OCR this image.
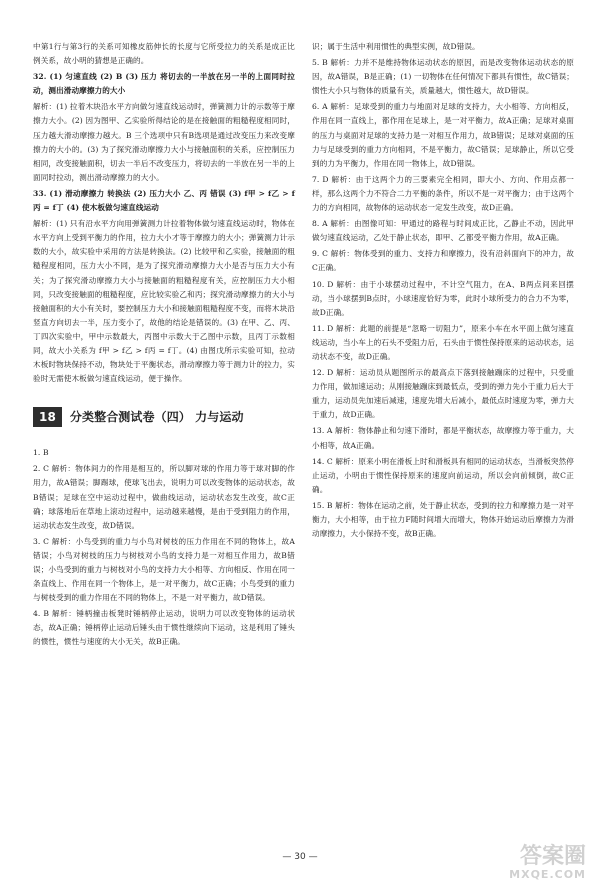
中第1行与第3行的关系可知橡皮筋伸长的长度与它所受拉力的关系是成正比例关系，故小明的猜想是正确的。

32. (1) 匀速直线 (2) B (3) 压力 将切去的一半放在另一半的上面同时拉动，测出滑动摩擦力的大小

解析：(1) 拉着木块沿水平方向做匀速直线运动时，弹簧测力计的示数等于摩擦力大小。(2) 因为图甲、乙实验所得结论的是在接触面的粗糙程度相同时，压力越大滑动摩擦力越大。B 三个选项中只有B选项是通过改变压力来改变摩擦力的大小的。(3) 为了探究滑动摩擦力大小与接触面积的关系，应控制压力相同，改变接触面积，切去一半后不改变压力，将切去的一半放在另一半的上面同时拉动，测出滑动摩擦力的大小。

33. (1) 滑动摩擦力 转换法 (2) 压力大小 乙、丙 错误 (3) f甲 > f乙 > f丙 = f丁 (4) 使木板做匀速直线运动

解析：(1) 只有沿水平方向用弹簧测力计拉着物体做匀速直线运动时，物体在水平方向上受到平衡力的作用，拉力大小才等于摩擦力的大小；弹簧测力计示数的大小，故实验中采用的方法是转换法。(2) 比较甲和乙实验，接触面的粗糙程度相同，压力大小不同，是为了探究滑动摩擦力大小是否与压力大小有关；为了探究滑动摩擦力大小与接触面的粗糙程度有关，应控制压力大小相同，只改变接触面的粗糙程度，应比较实验乙和丙；探究滑动摩擦力的大小与接触面积的大小有关时，要控制压力大小和接触面粗糙程度不变，而将木块沿竖直方向切去一半，压力变小了，故他的结论是错误的。(3) 在甲、乙、丙、丁四次实验中，甲中示数最大，丙图中示数大于乙图中示数，且丙丁示数相同，故大小关系为 f甲 > f乙 > f丙 = f丁。(4) 由图戊所示实验可知，拉动木板时物块保持不动，物块处于平衡状态，滑动摩擦力等于测力计的拉力，实验时无需使木板做匀速直线运动，便于操作。

18	分类整合测试卷（四） 力与运动

1. B

2. C 解析：物体间力的作用是相互的，所以脚对球的作用力等于球对脚的作用力，故A错误；脚踢球，使球飞出去，说明力可以改变物体的运动状态，故B错误；足球在空中运动过程中，做曲线运动，运动状态发生改变，故C正确；球落地后在草地上滚动过程中，运动越来越慢，是由于受到阻力的作用，运动状态发生改变，故D错误。

3. C 解析：小鸟受到的重力与小鸟对树枝的压力作用在不同的物体上，故A错误；小鸟对树枝的压力与树枝对小鸟的支持力是一对相互作用力，故B错误；小鸟受到的重力与树枝对小鸟的支持力大小相等、方向相反、作用在同一条直线上、作用在同一个物体上，是一对平衡力，故C正确；小鸟受到的重力与树枝受到的重力作用在不同的物体上，不是一对平衡力，故D错误。

4. B 解析：锤柄撞击板凳时锤柄停止运动，说明力可以改变物体的运动状态，故A正确；锤柄停止运动后锤头由于惯性继续向下运动，这是利用了锤头的惯性，惯性与速度的大小无关，故B正确。

识；属于生活中利用惯性的典型实例，故D错误。

5. B 解析：力并不是维持物体运动状态的原因，而是改变物体运动状态的原因，故A错误，B是正确；(1) 一切物体在任何情况下都具有惯性，故C错误；惯性大小只与物体的质量有关，质量越大，惯性越大，故D错误。

6. A 解析：足球受到的重力与地面对足球的支持力，大小相等、方向相反，作用在同一直线上，都作用在足球上，是一对平衡力，故A正确；足球对桌面的压力与桌面对足球的支持力是一对相互作用力，故B错误；足球对桌面的压力与足球受到的重力方向相同，不是平衡力，故C错误；足球静止，所以它受到的力为平衡力，作用在同一物体上，故D错误。

7. D 解析：由于这两个力的三要素完全相同，即大小、方向、作用点都一样，那么这两个力不符合二力平衡的条件，所以不是一对平衡力；由于这两个力的方向相同，故物体的运动状态一定发生改变，故D正确。

8. A 解析：由图像可知：甲通过的路程与时间成正比，乙静止不动，因此甲做匀速直线运动，乙处于静止状态，即甲、乙都受平衡力作用，故A正确。

9. C 解析：物体受到的重力、支持力和摩擦力，没有沿斜面向下的冲力，故C正确。

10. D 解析：由于小球摆动过程中，不计空气阻力，在A、B两点间来回摆动，当小球摆到B点时，小球速度恰好为零，此时小球所受力的合力不为零，故D正确。

11. D 解析：此题的前提是“忽略一切阻力”，原来小车在水平面上做匀速直线运动，当小车上的石头不受阻力后，石头由于惯性保持原来的运动状态，运动状态不变，故D正确。

12. D 解析：运动员从题图所示的最高点下落到接触蹦床的过程中，只受重力作用，做加速运动；从刚接触蹦床到最低点，受到的弹力先小于重力后大于重力，运动员先加速后减速，速度先增大后减小，最低点时速度为零，弹力大于重力，故D正确。

13. A 解析：物体静止和匀速下滑时，都是平衡状态，故摩擦力等于重力，大小相等，故A正确。

14. C 解析：原来小明在滑板上时和滑板具有相同的运动状态，当滑板突然停止运动，小明由于惯性保持原来的速度向前运动，所以会向前倾倒，故C正确。

15. B 解析：物体在运动之前，处于静止状态，受到的拉力和摩擦力是一对平衡力，大小相等，由于拉力F随时间增大而增大，物体开始运动后摩擦力为滑动摩擦力，大小保持不变，故B正确。

— 30 —	答案圈
MXQE.COM
